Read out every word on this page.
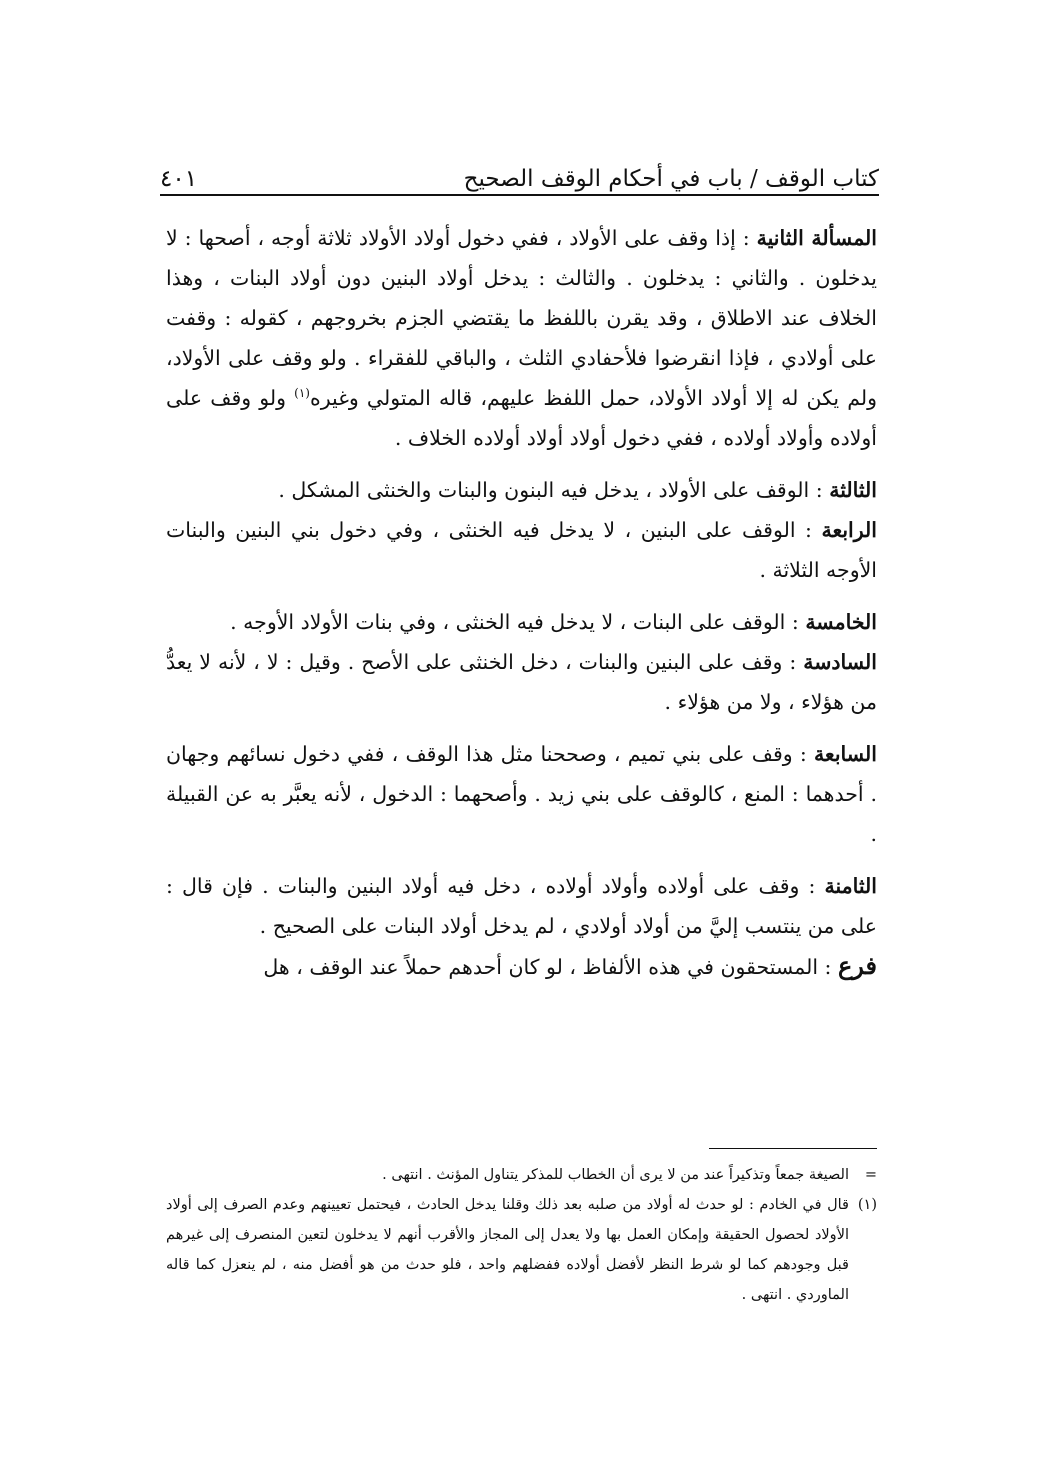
كتاب الوقف / باب في أحكام الوقف الصحيح
٤٠١

المسألة الثانية : إذا وقف على الأولاد ، ففي دخول أولاد الأولاد ثلاثة أوجه ، أصحها : لا يدخلون . والثاني : يدخلون . والثالث : يدخل أولاد البنين دون أولاد البنات ، وهذا الخلاف عند الاطلاق ، وقد يقرن باللفظ ما يقتضي الجزم بخروجهم ، كقوله : وقفت على أولادي ، فإذا انقرضوا فلأحفادي الثلث ، والباقي للفقراء . ولو وقف على الأولاد، ولم يكن له إلا أولاد الأولاد، حمل اللفظ عليهم، قاله المتولي وغيره$^{(١)}$ ولو وقف على أولاده وأولاد أولاده ، ففي دخول أولاد أولاد أولاده الخلاف .

الثالثة : الوقف على الأولاد ، يدخل فيه البنون والبنات والخنثى المشكل .

الرابعة : الوقف على البنين ، لا يدخل فيه الخنثى ، وفي دخول بني البنين والبنات الأوجه الثلاثة .

الخامسة : الوقف على البنات ، لا يدخل فيه الخنثى ، وفي بنات الأولاد الأوجه .

السادسة : وقف على البنين والبنات ، دخل الخنثى على الأصح . وقيل : لا ، لأنه لا يعدُّ من هؤلاء ، ولا من هؤلاء .

السابعة : وقف على بني تميم ، وصححنا مثل هذا الوقف ، ففي دخول نسائهم وجهان . أحدهما : المنع ، كالوقف على بني زيد . وأصحهما : الدخول ، لأنه يعبَّر به عن القبيلة .

الثامنة : وقف على أولاده وأولاد أولاده ، دخل فيه أولاد البنين والبنات . فإن قال : على من ينتسب إليَّ من أولاد أولادي ، لم يدخل أولاد البنات على الصحيح .

فرع : المستحقون في هذه الألفاظ ، لو كان أحدهم حملاً عند الوقف ، هل

=
الصيغة جمعاً وتذكيراً عند من لا يرى أن الخطاب للمذكر يتناول المؤنث . انتهى .
(١)
قال في الخادم : لو حدث له أولاد من صلبه بعد ذلك وقلنا يدخل الحادث ، فيحتمل تعيينهم وعدم الصرف إلى أولاد الأولاد لحصول الحقيقة وإمكان العمل بها ولا يعدل إلى المجاز والأقرب أنهم لا يدخلون لتعين المنصرف إلى غيرهم قبل وجودهم كما لو شرط النظر لأفضل أولاده ففضلهم واحد ، فلو حدث من هو أفضل منه ، لم ينعزل كما قاله الماوردي . انتهى .
